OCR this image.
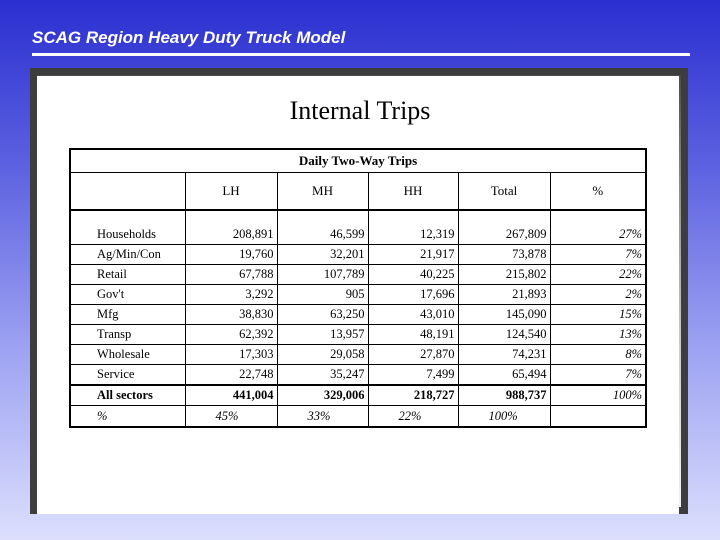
SCAG Region Heavy Duty Truck Model
Internal Trips
Daily Two-Way Trips					
	LH	MH	HH	Total	%

Households	208,891	46,599	12,319	267,809	27%
Ag/Min/Con	19,760	32,201	21,917	73,878	7%
Retail	67,788	107,789	40,225	215,802	22%
Gov't	3,292	905	17,696	21,893	2%
Mfg	38,830	63,250	43,010	145,090	15%
Transp	62,392	13,957	48,191	124,540	13%
Wholesale	17,303	29,058	27,870	74,231	8%
Service	22,748	35,247	7,499	65,494	7%
All sectors	441,004	329,006	218,727	988,737	100%
%	45%	33%	22%	100%	
